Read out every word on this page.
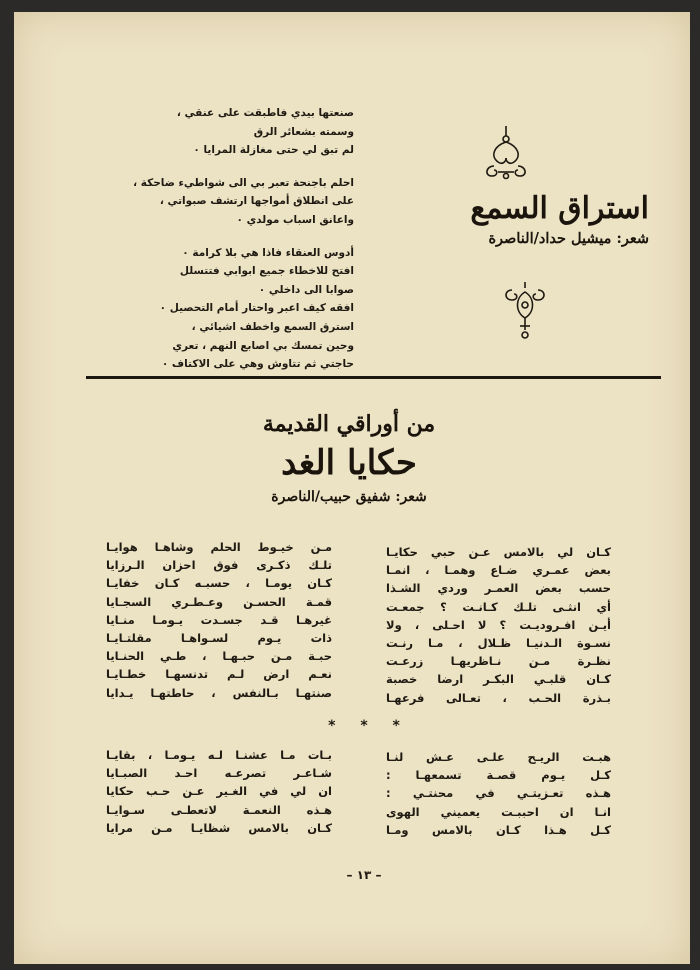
استراق السمع
شعر: ميشيل حداد/الناصرة
صنعتها بيدي فاطبقت على عنقي ،
وسمته بشعائر الرق
لم تبق لي حتى مغازلة المرايا ٠
احلم باجنحة تعبر بي الى شواطيء ضاحكة ،
على انطلاق أمواجها ارتشف صبواتي ،
واعانق اسباب مولدي ٠
أدوس العنقاء فاذا هي بلا كرامة ٠
افتح للاخطاء جميع ابوابي فتتسلل
صوابا الى داخلي ٠
افقه كيف اعبر واحتار أمام التحصيل ٠
استرق السمع واخطف اشيائي ،
وحين تمسك بي اصابع النهم ، تعري
حاجتي ثم تتاوش وهي على الاكتاف ٠
من أوراقي القديمة
حكايا الغد
شعر: شفيق حبيب/الناصرة
كـان لي بالامس عـن حبي حكايـا
بعض عمـري ضـاع وهمـا ، انمـا
حسب بعض العمـر وردي الشـذا
أي انثـى تلـك كـانـت ؟ جمعـت
أيـن افـروديـت ؟ لا احـلى ، ولا
نسـوة الـدنيـا ظـلال ، مـا رنـت
نظـرة مـن نـاظريهـا زرعـت
كـان قلبـي البكـر ارضا خصبة
بـذرة الحـب ، تعـالى فرعهـا
مـن خيـوط الحلم وشاهـا هوايـا
تلـك ذكـرى فوق احزان الـرزايا
كـان يومـا ، حسبـه كـان خفايـا
قمـة الحسـن وعـطـري السجـايا
غيرهـا قـد جسـدت يـومـا منـايا
ذات يـوم لسـواهـا مقلتـايـا
حبـة مـن حبـهـا ، طـي الحنـايا
نعـم ارض لـم تدنسهـا خطـايـا
صنتهـا بـالنفس ، حاطتهـا يـدايا
* * *
هبـت الريـح علـى عـش لنـا
كـل يـوم قصـة تسمعهـا :
هـذه تعـزيتـي في محنتـي :
انـا ان احببـت يعميني الهوى
كـل هـذا كـان بالامس ومـا
بـات مـا عشنـا لـه يـومـا ، بقايـا
شـاعـر تصرعـه احـد الصبـايا
ان لي في الغـير عـن حـب حكايا
هـذه النعمـة لاتعطـى سـوايـا
كـان بالامس شظايـا مـن مرايا
– ١٣ –
